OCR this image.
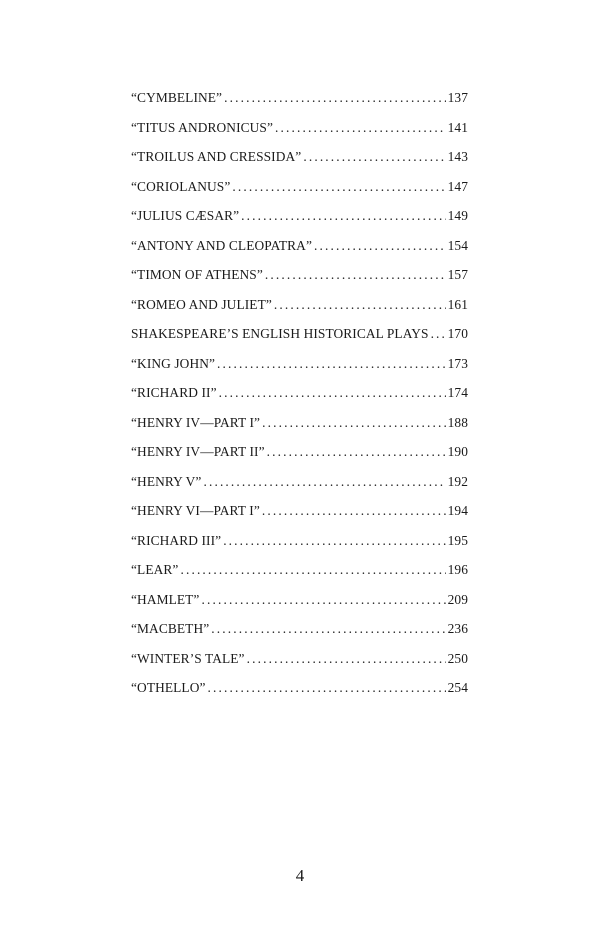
“CYMBELINE” . . .	137
“TITUS ANDRONICUS” . . .	141
“TROILUS AND CRESSIDA” . . .	143
“CORIOLANUS” . . .	147
“JULIUS CÆSAR” . . .	149
“ANTONY AND CLEOPATRA” . . .	154
“TIMON OF ATHENS” . . .	157
“ROMEO AND JULIET” . . .	161
SHAKESPEARE’S ENGLISH HISTORICAL PLAYS . . . 170
“KING JOHN” . . .	173
“RICHARD II” . . .	174
“HENRY IV—PART I” . . .	188
“HENRY IV—PART II” . . .	190
“HENRY V” . . .	192
“HENRY VI—PART I” . . .	194
“RICHARD III” . . .	195
“LEAR” . . .	196
“HAMLET” . . .	209
“MACBETH” . . .	236
“WINTER’S TALE” . . .	250
“OTHELLO” . . .	254
4
